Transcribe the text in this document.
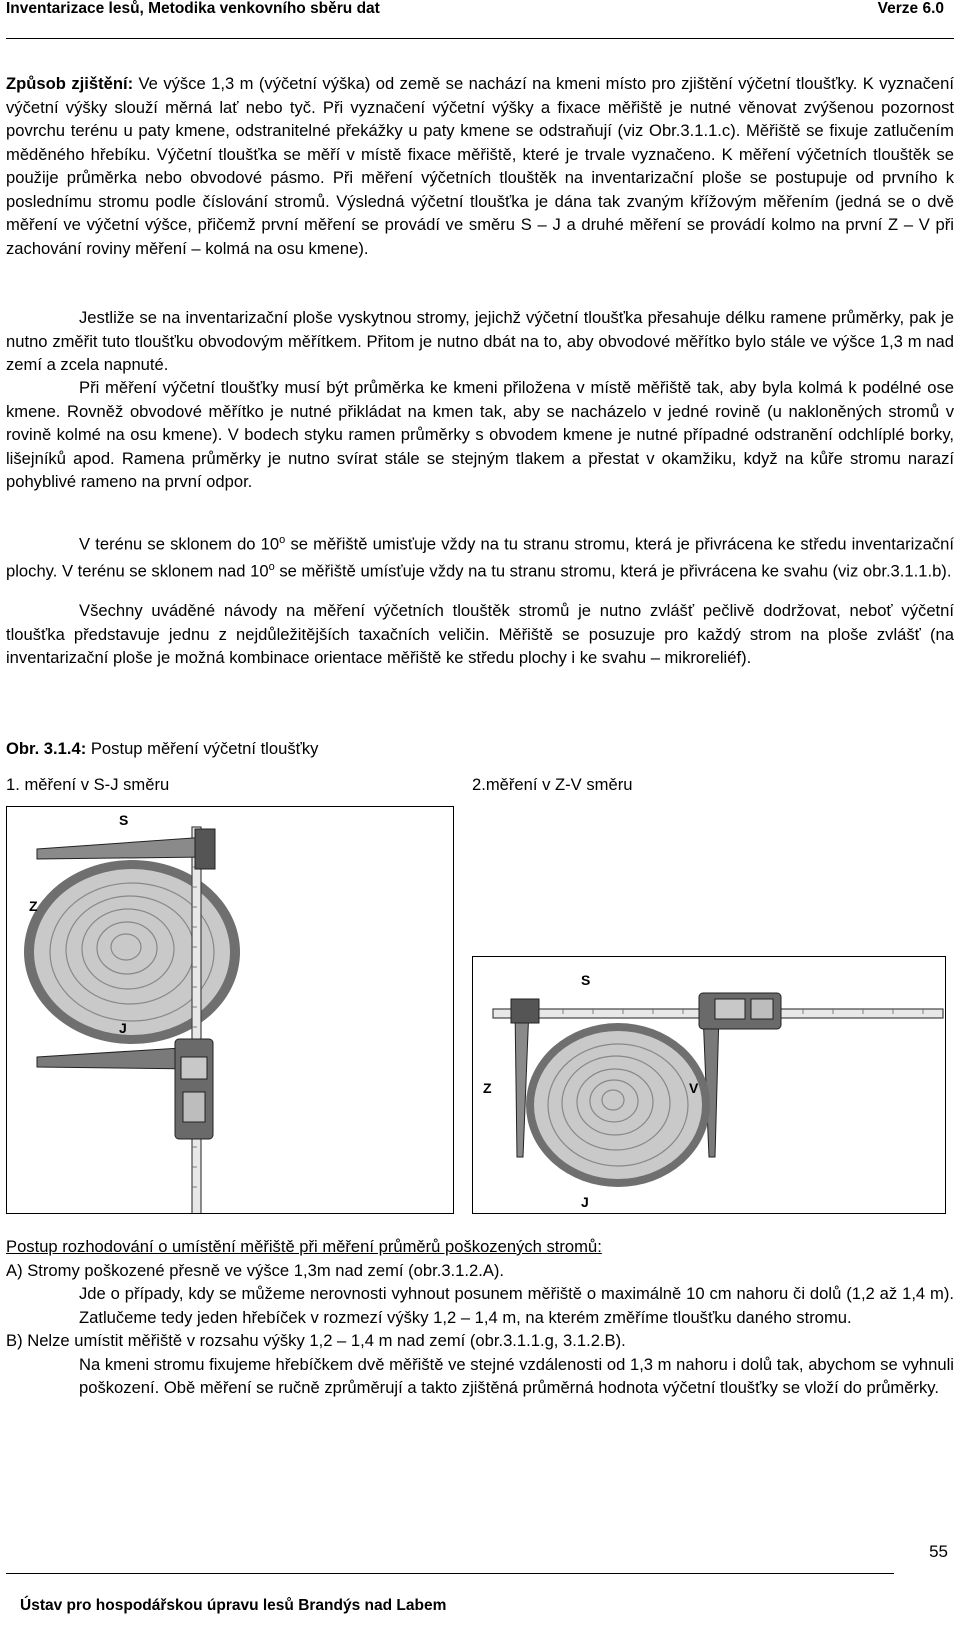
Inventarizace lesů, Metodika venkovního sběru dat	Verze 6.0

Způsob zjištění: Ve výšce 1,3 m (výčetní výška) od země se nachází na kmeni místo pro zjištění výčetní tloušťky. K vyznačení výčetní výšky slouží měrná lať nebo tyč. Při vyznačení výčetní výšky a fixace měřiště je nutné věnovat zvýšenou pozornost povrchu terénu u paty kmene, odstranitelné překážky u paty kmene se odstraňují (viz Obr.3.1.1.c). Měřiště se fixuje zatlučením měděného hřebíku. Výčetní tloušťka se měří v místě fixace měřiště, které je trvale vyznačeno. K měření výčetních tlouštěk se použije průměrka nebo obvodové pásmo. Při měření výčetních tlouštěk na inventarizační ploše se postupuje od prvního k poslednímu stromu podle číslování stromů. Výsledná výčetní tloušťka je dána tak zvaným křížovým měřením (jedná se o dvě měření ve výčetní výšce, přičemž první měření se provádí ve směru S – J a druhé měření se provádí kolmo na první Z – V při zachování roviny měření – kolmá na osu kmene).

Jestliže se na inventarizační ploše vyskytnou stromy, jejichž výčetní tloušťka přesahuje délku ramene průměrky, pak je nutno změřit tuto tloušťku obvodovým měřítkem. Přitom je nutno dbát na to, aby obvodové měřítko bylo stále ve výšce 1,3 m nad zemí a zcela napnuté.

Při měření výčetní tloušťky musí být průměrka ke kmeni přiložena v místě měřiště tak, aby byla kolmá k podélné ose kmene. Rovněž obvodové měřítko je nutné přikládat na kmen tak, aby se nacházelo v jedné rovině (u nakloněných stromů v rovině kolmé na osu kmene). V bodech styku ramen průměrky s obvodem kmene je nutné případné odstranění odchlíplé borky, lišejníků apod. Ramena průměrky je nutno svírat stále se stejným tlakem a přestat v okamžiku, když na kůře stromu narazí pohyblivé rameno na první odpor.

V terénu se sklonem do 10$^o$ se měřiště umisťuje vždy na tu stranu stromu, která je přivrácena ke středu inventarizační plochy. V terénu se sklonem nad 10$^o$ se měřiště umísťuje vždy na tu stranu stromu, která je přivrácena ke svahu (viz obr.3.1.1.b).

Všechny uváděné návody na měření výčetních tlouštěk stromů je nutno zvlášť pečlivě dodržovat, neboť výčetní tloušťka představuje jednu z nejdůležitějších taxačních veličin. Měřiště se posuzuje pro každý strom na ploše zvlášť (na inventarizační ploše je možná kombinace orientace měřiště ke středu plochy i ke svahu – mikroreliéf).

Obr. 3.1.4: Postup měření výčetní tloušťky
1. měření v S-J směru	2.měření v Z-V směru
S
Z
J
S
Z	V
J
Postup rozhodování o umístění měřiště při měření průměrů poškozených stromů:
A) Stromy poškozené přesně ve výšce 1,3m nad zemí (obr.3.1.2.A).
Jde o případy, kdy se můžeme nerovnosti vyhnout posunem měřiště o maximálně 10 cm nahoru či dolů (1,2 až 1,4 m). Zatlučeme tedy jeden hřebíček v rozmezí výšky 1,2 – 1,4 m, na kterém změříme tloušťku daného stromu.
B) Nelze umístit měřiště v rozsahu výšky 1,2 – 1,4 m nad zemí (obr.3.1.1.g, 3.1.2.B).
Na kmeni stromu fixujeme hřebíčkem dvě měřiště ve stejné vzdálenosti od 1,3 m nahoru i dolů tak, abychom se vyhnuli poškození. Obě měření se ručně zprůměrují a takto zjištěná průměrná hodnota výčetní tloušťky se vloží do průměrky.
55
Ústav pro hospodářskou úpravu lesů Brandýs nad Labem
